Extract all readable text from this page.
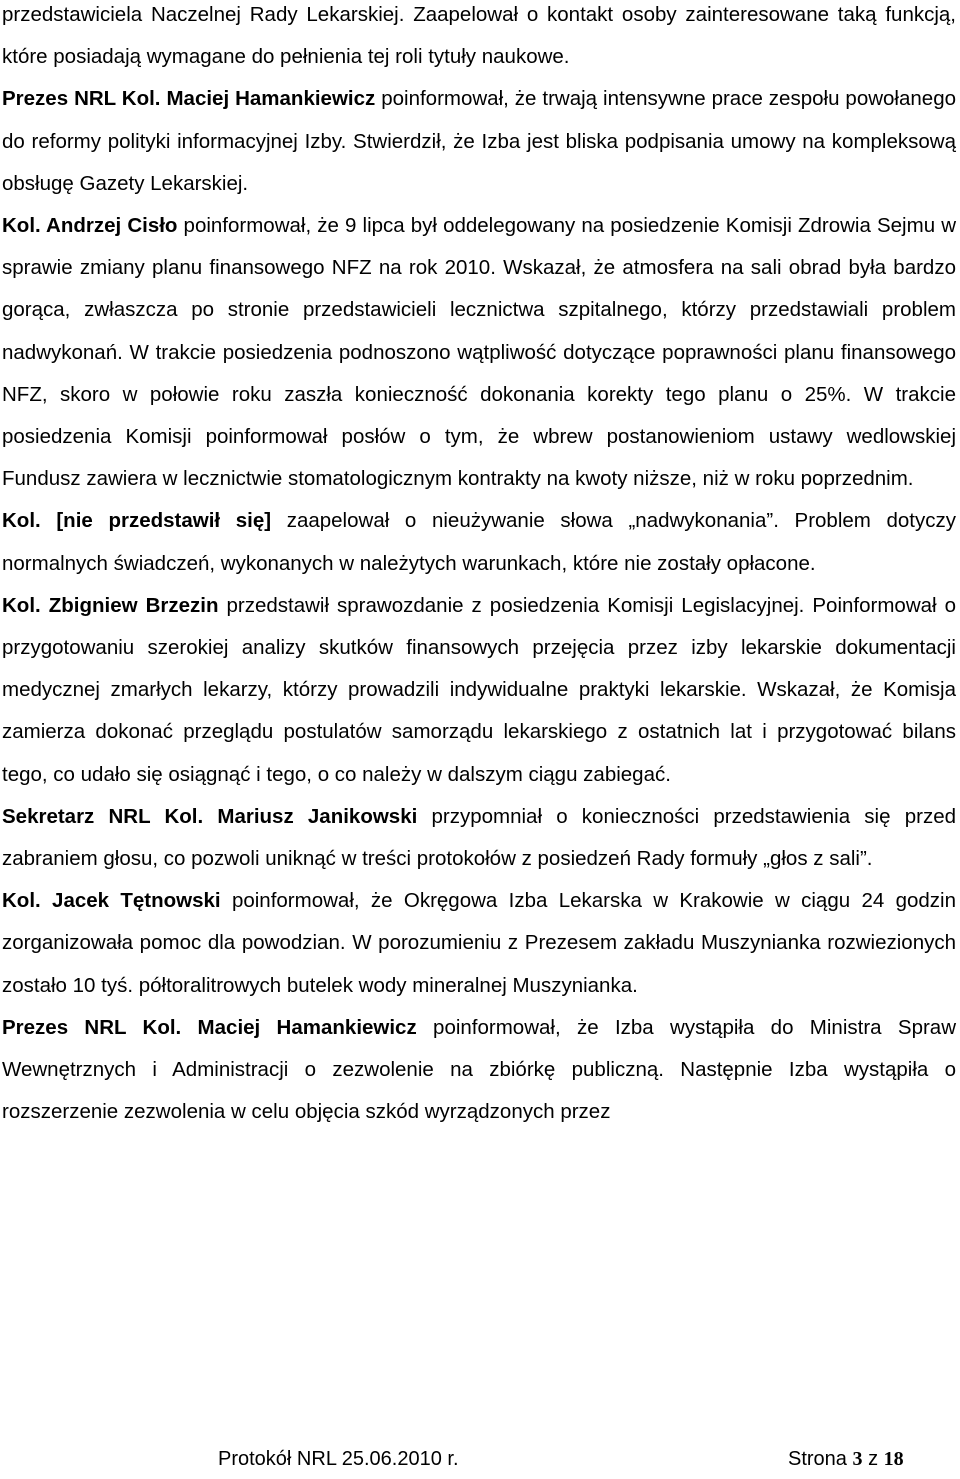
przedstawiciela Naczelnej Rady Lekarskiej. Zaapelował o kontakt osoby zainteresowane taką funkcją, które posiadają wymagane do pełnienia tej roli tytuły naukowe.

Prezes NRL Kol. Maciej Hamankiewicz poinformował, że trwają intensywne prace zespołu powołanego do reformy polityki informacyjnej Izby. Stwierdził, że Izba jest bliska podpisania umowy na kompleksową obsługę Gazety Lekarskiej.

Kol. Andrzej Cisło poinformował, że 9 lipca był oddelegowany na posiedzenie Komisji Zdrowia Sejmu w sprawie zmiany planu finansowego NFZ na rok 2010. Wskazał, że atmosfera na sali obrad była bardzo gorąca, zwłaszcza po stronie przedstawicieli lecznictwa szpitalnego, którzy przedstawiali problem nadwykonań. W trakcie posiedzenia podnoszono wątpliwość dotyczące poprawności planu finansowego NFZ, skoro w połowie roku zaszła konieczność dokonania korekty tego planu o 25%. W trakcie posiedzenia Komisji poinformował posłów o tym, że wbrew postanowieniom ustawy wedlowskiej Fundusz zawiera w lecznictwie stomatologicznym kontrakty na kwoty niższe, niż w roku poprzednim.

Kol. [nie przedstawił się] zaapelował o nieużywanie słowa „nadwykonania”. Problem dotyczy normalnych świadczeń, wykonanych w należytych warunkach, które nie zostały opłacone.

Kol. Zbigniew Brzezin przedstawił sprawozdanie z posiedzenia Komisji Legislacyjnej. Poinformował o przygotowaniu szerokiej analizy skutków finansowych przejęcia przez izby lekarskie dokumentacji medycznej zmarłych lekarzy, którzy prowadzili indywidualne praktyki lekarskie. Wskazał, że Komisja zamierza dokonać przeglądu postulatów samorządu lekarskiego z ostatnich lat i przygotować bilans tego, co udało się osiągnąć i tego, o co należy w dalszym ciągu zabiegać.

Sekretarz NRL Kol. Mariusz Janikowski przypomniał o konieczności przedstawienia się przed zabraniem głosu, co pozwoli uniknąć w treści protokołów z posiedzeń Rady formuły „głos z sali”.

Kol. Jacek Tętnowski poinformował, że Okręgowa Izba Lekarska w Krakowie w ciągu 24 godzin zorganizowała pomoc dla powodzian. W porozumieniu z Prezesem zakładu Muszynianka rozwiezionych zostało 10 tyś. półtoralitrowych butelek wody mineralnej Muszynianka.

Prezes NRL Kol. Maciej Hamankiewicz poinformował, że Izba wystąpiła do Ministra Spraw Wewnętrznych i Administracji o zezwolenie na zbiórkę publiczną. Następnie Izba wystąpiła o rozszerzenie zezwolenia w celu objęcia szkód wyrządzonych przez

Protokół NRL 25.06.2010 r.	Strona 3 z 18
